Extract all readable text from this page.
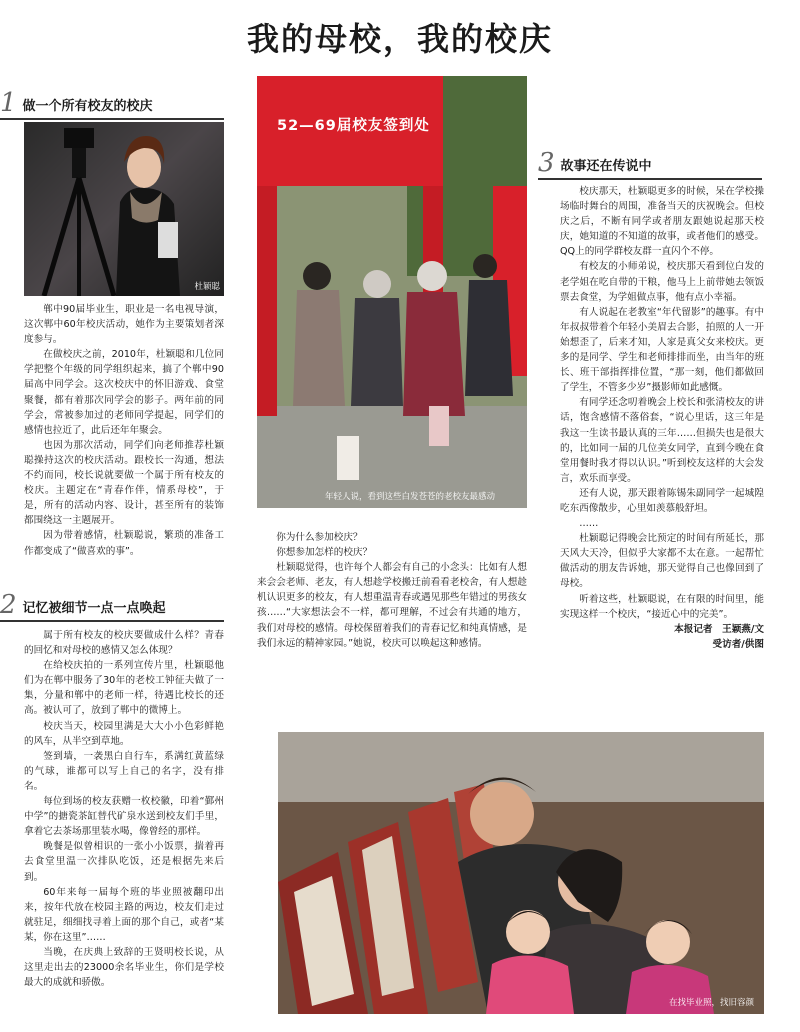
我的母校，我的校庆
1 做一个所有校友的校庆
杜颖聪

郸中90届毕业生，职业是一名电视导演，这次郸中60年校庆活动，她作为主要策划者深度参与。

在做校庆之前，2010年，杜颖聪和几位同学把整个年级的同学组织起来，搞了个郸中90届高中同学会。这次校庆中的怀旧游戏、食堂聚餐，都有着那次同学会的影子。两年前的同学会，常被参加过的老师同学提起，同学们的感情也拉近了，此后还年年聚会。

也因为那次活动，同学们向老师推荐杜颖聪操持这次的校庆活动。跟校长一沟通，想法不约而同，校长说就要做一个属于所有校友的校庆。主题定在“青春作伴，情系母校”，于是，所有的活动内容、设计，甚至所有的装饰都围绕这一主题展开。

因为带着感情，杜颖聪说，繁琐的准备工作都变成了“做喜欢的事”。

2 记忆被细节一点一点唤起

属于所有校友的校庆要做成什么样？青春的回忆和对母校的感情又怎么体现？

在给校庆拍的一系列宣传片里，杜颖聪他们为在郸中服务了30年的老校工钟征夫做了一集，分量和郸中的老师一样，待遇比校长的还高。被认可了，放到了郸中的微博上。

校庆当天，校园里满是大大小小色彩鲜艳的风车，从半空到草地。

签到墙，一袭黑白自行车，系满红黄蓝绿的气球，谁都可以写上自己的名字，没有排名。

每位到场的校友获赠一枚校徽，印着“鄞州中学”的搪瓷茶缸替代矿泉水送到校友们手里，拿着它去茶场那里装水喝，像曾经的那样。

晚餐是似曾相识的一张小小饭票，揣着再去食堂里温一次排队吃饭，还是根据先来后到。

60年来每一届每个班的毕业照被翻印出来，按年代放在校园主路的两边，校友们走过就驻足，细细找寻着上面的那个自己，或者“某某，你在这里”……

当晚，在庆典上致辞的王贤明校长说，从这里走出去的23000余名毕业生，你们是学校最大的成就和骄傲。

52—69届校友签到处
年轻人说，看到这些白发苍苍的老校友最感动

你为什么参加校庆？

你想参加怎样的校庆？

杜颖聪觉得，也许每个人都会有自己的小念头：比如有人想来会会老师、老友，有人想趁学校搬迁前看看老校舍，有人想趁机认识更多的校友，有人想重温青春或遇见那些年错过的男孩女孩……“大家想法会不一样，都可理解，不过会有共通的地方，我们对母校的感情。母校保留着我们的青春记忆和纯真情感，是我们永远的精神家园。”她说，校庆可以唤起这种感情。

3 故事还在传说中

校庆那天，杜颖聪更多的时候，呆在学校操场临时舞台的周围，准备当天的庆祝晚会。但校庆之后，不断有同学或者朋友跟她说起那天校庆，她知道的不知道的故事，或者他们的感受。QQ上的同学群校友群一直闪个不停。

有校友的小师弟说，校庆那天看到位白发的老学姐在吃自带的干粮，他马上上前带她去领饭票去食堂，为学姐做点事，他有点小幸福。

有人说起在老教室“年代留影”的趣事。有中年叔叔带着个年轻小美眉去合影，拍照的人一开始想歪了，后来才知，人家是真父女来校庆。更多的是同学、学生和老师排排而坐，由当年的班长、班干部指挥排位置，“那一刻，他们都做回了学生，不管多少岁”摄影师如此感慨。

有同学还念叨着晚会上校长和张清校友的讲话，饱含感情不落俗套，“说心里话，这三年是我这一生读书最认真的三年……但损失也是很大的，比如同一届的几位美女同学，直到今晚在食堂用餐时我才得以认识。”听到校友这样的大会发言，欢乐而享受。

还有人说，那天跟着陈锡朱副同学一起城隍吃东西像散步，心里如羡慕般舒坦。

……

杜颖聪记得晚会比预定的时间有所延长，那天风大天冷，但似乎大家都不太在意。一起帮忙做活动的朋友告诉她，那天觉得自己也像回到了母校。

听着这些，杜颖聪说，在有限的时间里，能实现这样一个校庆，“接近心中的完美”。

本报记者　王颖燕/文
受访者/供图
在找毕业照，找旧容颜
